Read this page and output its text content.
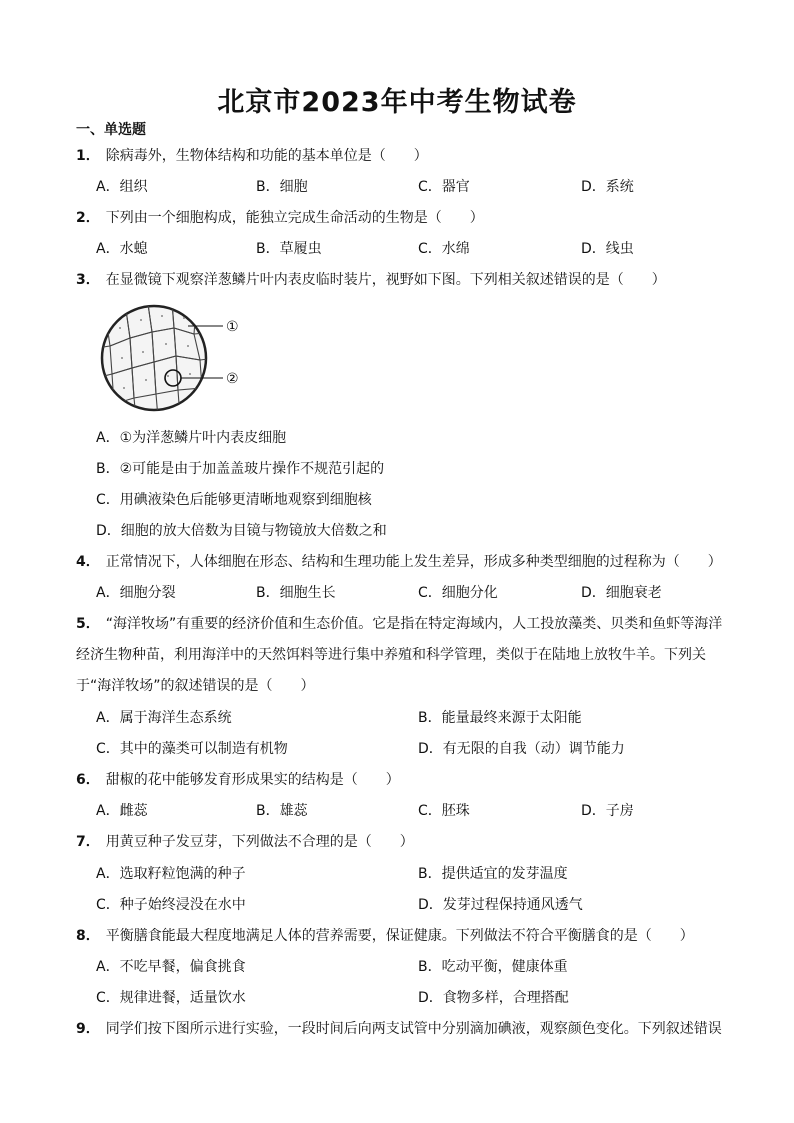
北京市2023年中考生物试卷
一、单选题
1． 除病毒外，生物体结构和功能的基本单位是（　　）
A．组织	B．细胞	C．器官	D．系统
2． 下列由一个细胞构成，能独立完成生命活动的生物是（　　）
A．水螅	B．草履虫	C．水绵	D．线虫
3． 在显微镜下观察洋葱鳞片叶内表皮临时装片，视野如下图。下列相关叙述错误的是（　　）
①
②
A．①为洋葱鳞片叶内表皮细胞
B．②可能是由于加盖盖玻片操作不规范引起的
C．用碘液染色后能够更清晰地观察到细胞核
D．细胞的放大倍数为目镜与物镜放大倍数之和
4． 正常情况下，人体细胞在形态、结构和生理功能上发生差异，形成多种类型细胞的过程称为（　　）
A．细胞分裂	B．细胞生长	C．细胞分化	D．细胞衰老
5． “海洋牧场”有重要的经济价值和生态价值。它是指在特定海域内，人工投放藻类、贝类和鱼虾等海洋
经济生物种苗，利用海洋中的天然饵料等进行集中养殖和科学管理，类似于在陆地上放牧牛羊。下列关
于“海洋牧场”的叙述错误的是（　　）
A．属于海洋生态系统	B．能量最终来源于太阳能
C．其中的藻类可以制造有机物	D．有无限的自我（动）调节能力
6． 甜椒的花中能够发育形成果实的结构是（　　）
A．雌蕊	B．雄蕊	C．胚珠	D．子房
7． 用黄豆种子发豆芽，下列做法不合理的是（　　）
A．选取籽粒饱满的种子	B．提供适宜的发芽温度
C．种子始终浸没在水中	D．发芽过程保持通风透气
8． 平衡膳食能最大程度地满足人体的营养需要，保证健康。下列做法不符合平衡膳食的是（　　）
A．不吃早餐，偏食挑食	B．吃动平衡，健康体重
C．规律进餐，适量饮水	D．食物多样，合理搭配
9． 同学们按下图所示进行实验，一段时间后向两支试管中分别滴加碘液，观察颜色变化。下列叙述错误
